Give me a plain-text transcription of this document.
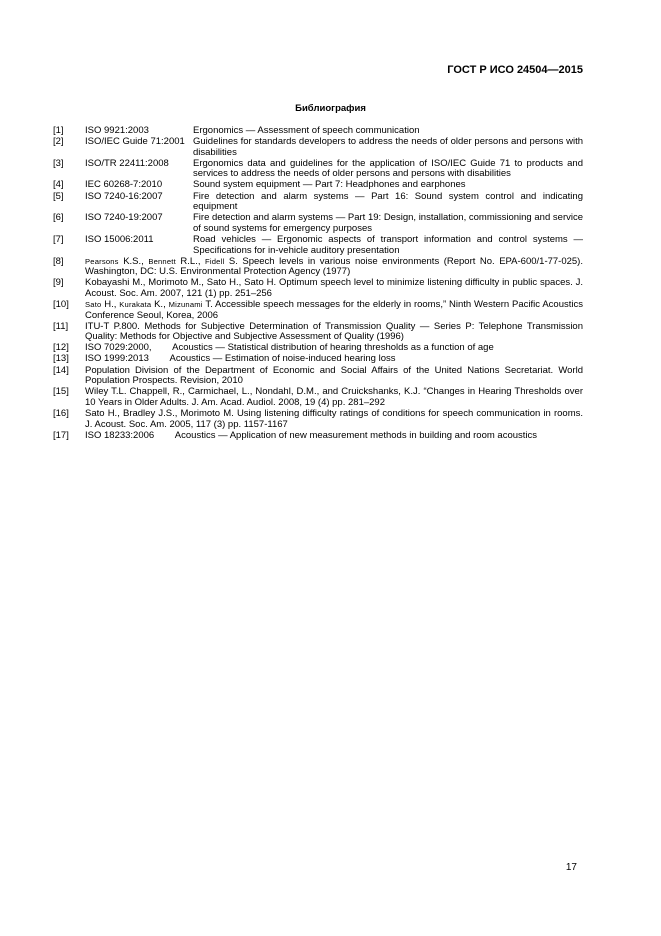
ГОСТ Р ИСО 24504—2015
Библиография
[1]	ISO 9921:2003	Ergonomics — Assessment of speech communication
[2]	ISO/IEC Guide 71:2001 Guidelines for standards developers to address the needs of older persons and persons with disabilities
[3]	ISO/TR 22411:2008	Ergonomics data and guidelines for the application of ISO/IEC Guide 71 to products and services to address the needs of older persons and persons with disabilities
[4]	IEC 60268-7:2010	Sound system equipment — Part 7: Headphones and earphones
[5]	ISO 7240-16:2007	Fire detection and alarm systems — Part 16: Sound system control and indicating equipment
[6]	ISO 7240-19:2007	Fire detection and alarm systems — Part 19: Design, installation, commissioning and service of sound systems for emergency purposes
[7]	ISO 15006:2011	Road vehicles — Ergonomic aspects of transport information and control systems — Specifications for in-vehicle auditory presentation
[8]	Pearsons K.S., Bennett R.L., Fidell S. Speech levels in various noise environments (Report No. EPA-600/1-77-025). Washington, DC: U.S. Environmental Protection Agency (1977)
[9]	Kobayashi M., Morimoto M., Sato H., Sato H. Optimum speech level to minimize listening difficulty in public spaces. J. Acoust. Soc. Am. 2007, 121 (1) pp. 251–256
[10]	Sato H., Kurakata K., Mizunami T. Accessible speech messages for the elderly in rooms,” Ninth Western Pacific Acoustics Conference Seoul, Korea, 2006
[11]	ITU-T P.800. Methods for Subjective Determination of Transmission Quality — Series P: Telephone Transmission Quality: Methods for Objective and Subjective Assessment of Quality (1996)
[12]	ISO 7029:2000,        Acoustics — Statistical distribution of hearing thresholds as a function of age
[13]	ISO 1999:2013        Acoustics — Estimation of noise-induced hearing loss
[14]	Population Division of the Department of Economic and Social Affairs of the United Nations Secretariat. World Population Prospects. Revision, 2010
[15]	Wiley T.L. Chappell, R., Carmichael, L., Nondahl, D.M., and Cruickshanks, K.J. “Changes in Hearing Thresholds over 10 Years in Older Adults. J. Am. Acad. Audiol. 2008, 19 (4) pp. 281–292
[16]	Sato H., Bradley J.S., Morimoto M. Using listening difficulty ratings of conditions for speech communication in rooms. J. Acoust. Soc. Am. 2005, 117 (3) pp. 1157-1167
[17]	ISO 18233:2006        Acoustics — Application of new measurement methods in building and room acoustics
17
